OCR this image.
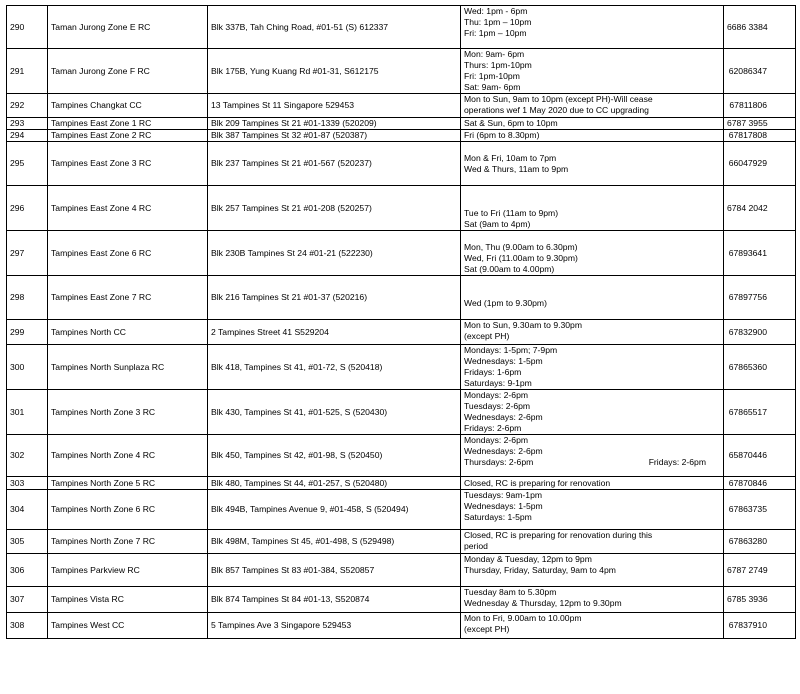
290	Taman Jurong Zone E RC	Blk 337B, Tah Ching Road, #01-51 (S) 612337	Wed: 1pm - 6pm
Thu: 1pm – 10pm
Fri: 1pm – 10pm	6686 3384
291	Taman Jurong Zone F RC	Blk 175B, Yung Kuang Rd #01-31, S612175	Mon: 9am- 6pm
Thurs: 1pm-10pm
Fri: 1pm-10pm
Sat: 9am- 6pm	62086347
292	Tampines Changkat CC	13 Tampines St 11 Singapore 529453	Mon to Sun, 9am to 10pm (except PH)-Will cease
operations wef 1 May 2020 due to CC upgrading	67811806
293	Tampines East Zone 1 RC	Blk 209 Tampines St 21 #01-1339 (520209)	Sat & Sun, 6pm to 10pm	6787 3955
294	Tampines East Zone 2 RC	Blk 387 Tampines St 32 #01-87 (520387)	Fri (6pm to 8.30pm)	67817808
295	Tampines East Zone 3 RC	Blk 237 Tampines St 21 #01-567 (520237)	Mon & Fri, 10am to 7pm
Wed & Thurs, 11am to 9pm	66047929
296	Tampines East Zone 4 RC	Blk 257 Tampines St 21 #01-208 (520257)	Tue to Fri (11am to 9pm)
Sat (9am to 4pm)	6784 2042
297	Tampines East Zone 6 RC	Blk 230B Tampines St 24 #01-21 (522230)	Mon, Thu (9.00am to 6.30pm)
Wed, Fri (11.00am to 9.30pm)
Sat (9.00am to 4.00pm)	67893641
298	Tampines East Zone 7 RC	Blk 216 Tampines St 21 #01-37 (520216)	Wed (1pm to 9.30pm)	67897756
299	Tampines North CC	2 Tampines Street 41 S529204	Mon to Sun, 9.30am to 9.30pm
(except PH)	67832900
300	Tampines North Sunplaza RC	Blk 418, Tampines St 41, #01-72, S (520418)	Mondays: 1-5pm; 7-9pm
Wednesdays: 1-5pm
Fridays: 1-6pm
Saturdays: 9-1pm	67865360
301	Tampines North Zone 3 RC	Blk 430, Tampines St 41, #01-525, S (520430)	Mondays: 2-6pm
Tuesdays: 2-6pm
Wednesdays: 2-6pm
Fridays: 2-6pm	67865517
302	Tampines North Zone 4 RC	Blk 450, Tampines St 42, #01-98, S (520450)	Mondays: 2-6pm
Wednesdays: 2-6pm
Thursdays: 2-6pm Fridays: 2-6pm	65870446
303	Tampines North Zone 5 RC	Blk 480, Tampines St 44, #01-257, S (520480)	Closed, RC is preparing for renovation	67870846
304	Tampines North Zone 6 RC	Blk 494B, Tampines Avenue 9, #01-458, S (520494)	Tuesdays: 9am-1pm
Wednesdays: 1-5pm
Saturdays: 1-5pm	67863735
305	Tampines North Zone 7 RC	Blk 498M, Tampines St 45, #01-498, S (529498)	Closed, RC is preparing for renovation during this
period	67863280
306	Tampines Parkview RC	Blk 857 Tampines St 83 #01-384, S520857	Monday & Tuesday, 12pm to 9pm
Thursday, Friday, Saturday, 9am to 4pm	6787 2749
307	Tampines Vista RC	Blk 874 Tampines St 84 #01-13, S520874	Tuesday 8am to 5.30pm
Wednesday & Thursday, 12pm to 9.30pm	6785 3936
308	Tampines West CC	5 Tampines Ave 3 Singapore 529453	Mon to Fri, 9.00am to 10.00pm
(except PH)	67837910
